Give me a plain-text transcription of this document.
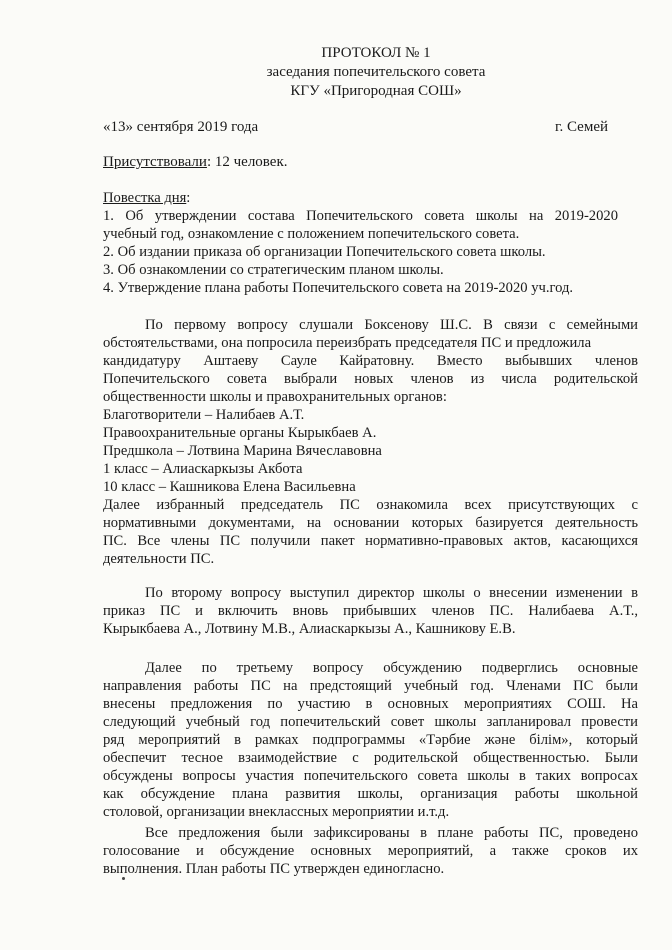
ПРОТОКОЛ № 1
заседания попечительского совета
КГУ «Пригородная СОШ»
«13» сентября 2019 года	г. Семей
Присутствовали: 12 человек.
Повестка дня:
1. Об утверждении состава Попечительского совета школы на 2019-2020
учебный год, ознакомление с положением попечительского совета.
2. Об издании приказа об организации Попечительского совета школы.
3. Об ознакомлении со стратегическим планом школы.
4. Утверждение плана работы Попечительского совета на 2019-2020 уч.год.
По первому вопросу слушали Боксенову Ш.С. В связи с семейными
обстоятельствами, она попросила переизбрать председателя ПС и предложила
кандидатуру Аштаеву Сауле Кайратовну. Вместо выбывших членов
Попечительского совета выбрали новых членов из числа родительской
общественности школы и правохранительных органов:
Благотворители – Налибаев А.Т.
Правоохранительные органы Кырыкбаев А.
Предшкола – Лотвина Марина Вячеславовна
1 класс – Алиаскаркызы Акбота
10 класс – Кашникова Елена Васильевна
Далее избранный председатель ПС ознакомила всех присутствующих с
нормативными документами, на основании которых базируется деятельность
ПС. Все члены ПС получили пакет нормативно-правовых актов, касающихся
деятельности ПС.
По второму вопросу выступил директор школы о внесении изменении в
приказ ПС и включить вновь прибывших членов ПС. Налибаева А.Т.,
Кырыкбаева А., Лотвину М.В., Алиаскаркызы А., Кашникову Е.В.
Далее по третьему вопросу обсуждению подверглись основные
направления работы ПС на предстоящий учебный год. Членами ПС были
внесены предложения по участию в основных мероприятиях СОШ. На
следующий учебный год попечительский совет школы запланировал провести
ряд мероприятий в рамках подпрограммы «Тәрбие және білім», который
обеспечит тесное взаимодействие с родительской общественностью. Были
обсуждены вопросы участия попечительского совета школы в таких вопросах
как обсуждение плана развития школы, организация работы школьной
столовой, организации внеклассных мероприятии и.т.д.
Все предложения были зафиксированы в плане работы ПС, проведено
голосование и обсуждение основных мероприятий, а также сроков их
выполнения. План работы ПС утвержден единогласно.
